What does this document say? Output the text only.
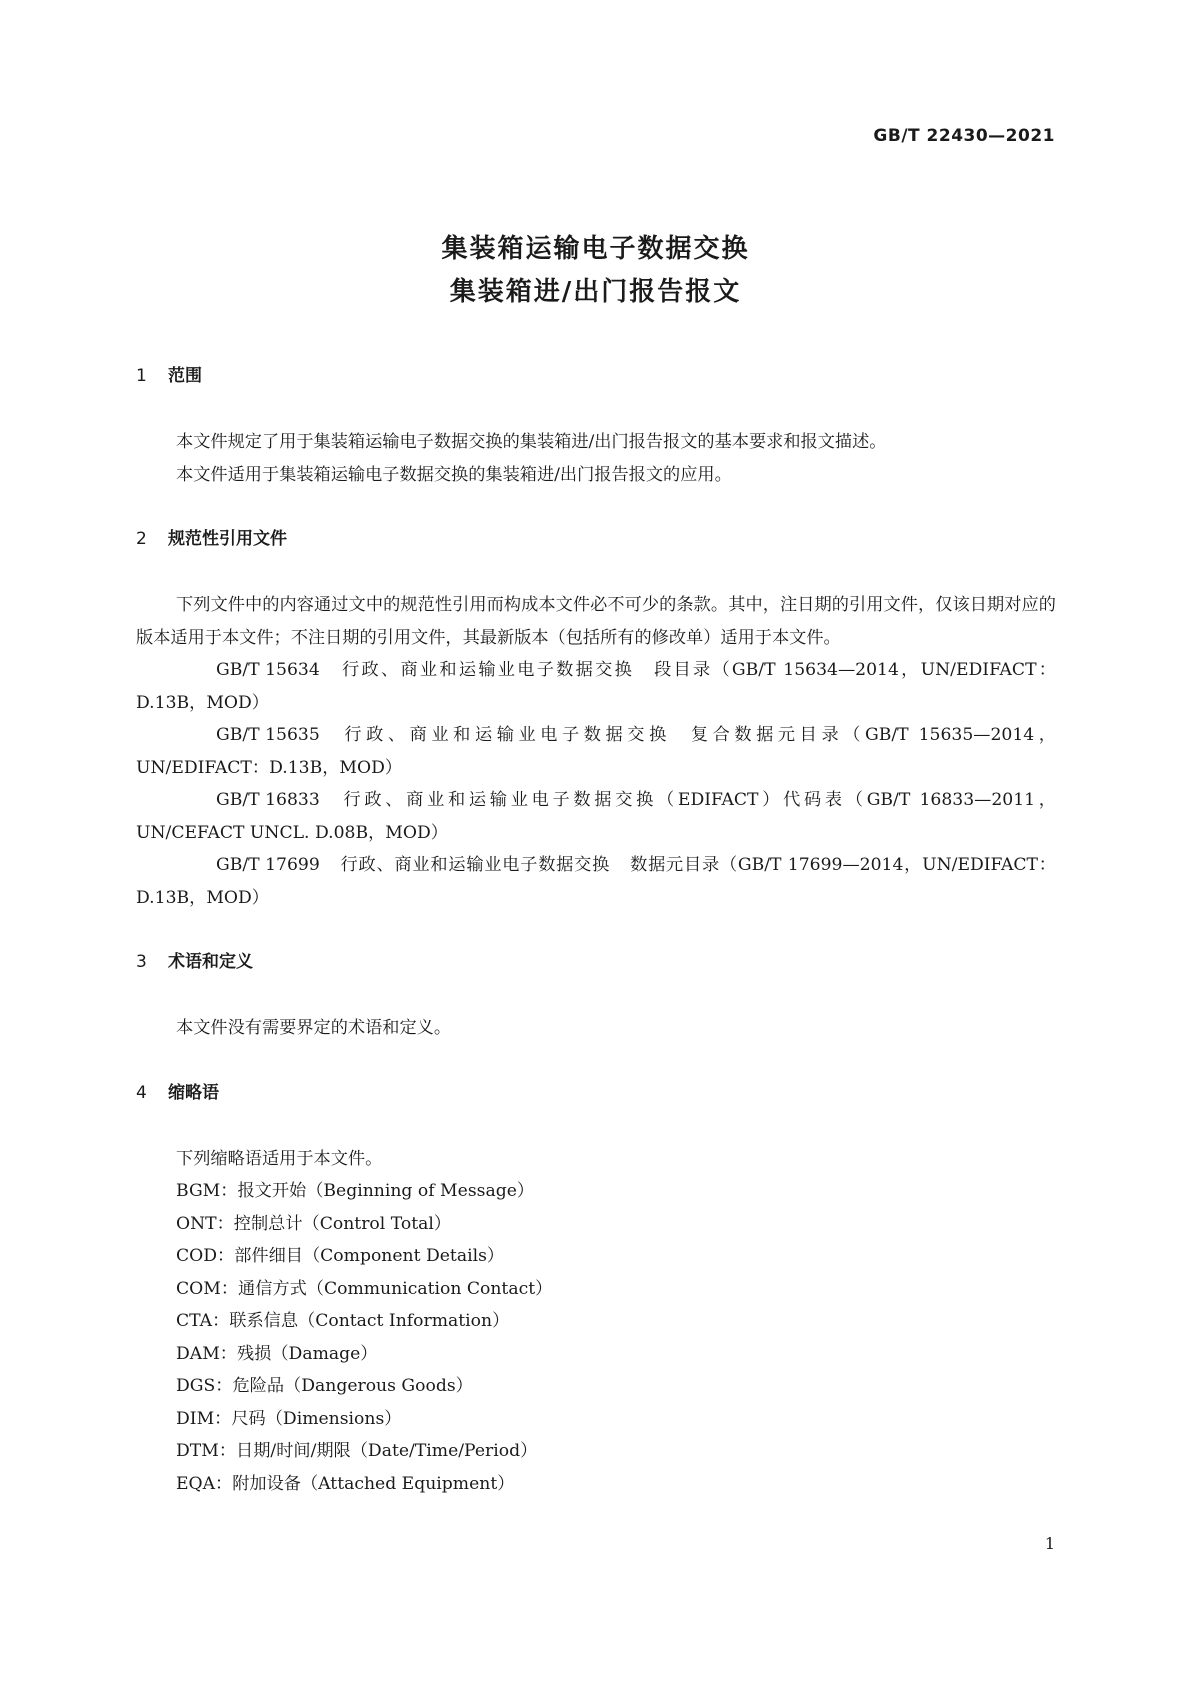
GB/T 22430—2021
集装箱运输电子数据交换
集装箱进/出门报告报文
1 范围

本文件规定了用于集装箱运输电子数据交换的集装箱进/出门报告报文的基本要求和报文描述。

本文件适用于集装箱运输电子数据交换的集装箱进/出门报告报文的应用。

2 规范性引用文件

下列文件中的内容通过文中的规范性引用而构成本文件必不可少的条款。其中，注日期的引用文件，仅该日期对应的版本适用于本文件；不注日期的引用文件，其最新版本（包括所有的修改单）适用于本文件。

GB/T 15634 行政、商业和运输业电子数据交换 段目录（GB/T 15634—2014，UN/EDIFACT：D.13B，MOD）

GB/T 15635 行政、商业和运输业电子数据交换 复合数据元目录（GB/T 15635—2014，UN/EDIFACT：D.13B，MOD）

GB/T 16833 行政、商业和运输业电子数据交换（EDIFACT）代码表（GB/T 16833—2011，UN/CEFACT UNCL. D.08B，MOD）

GB/T 17699 行政、商业和运输业电子数据交换 数据元目录（GB/T 17699—2014，UN/EDIFACT：D.13B，MOD）

3 术语和定义

本文件没有需要界定的术语和定义。

4 缩略语

下列缩略语适用于本文件。

BGM：报文开始（Beginning of Message）

ONT：控制总计（Control Total）

COD：部件细目（Component Details）

COM：通信方式（Communication Contact）

CTA：联系信息（Contact Information）

DAM：残损（Damage）

DGS：危险品（Dangerous Goods）

DIM：尺码（Dimensions）

DTM：日期/时间/期限（Date/Time/Period）

EQA：附加设备（Attached Equipment）

1
